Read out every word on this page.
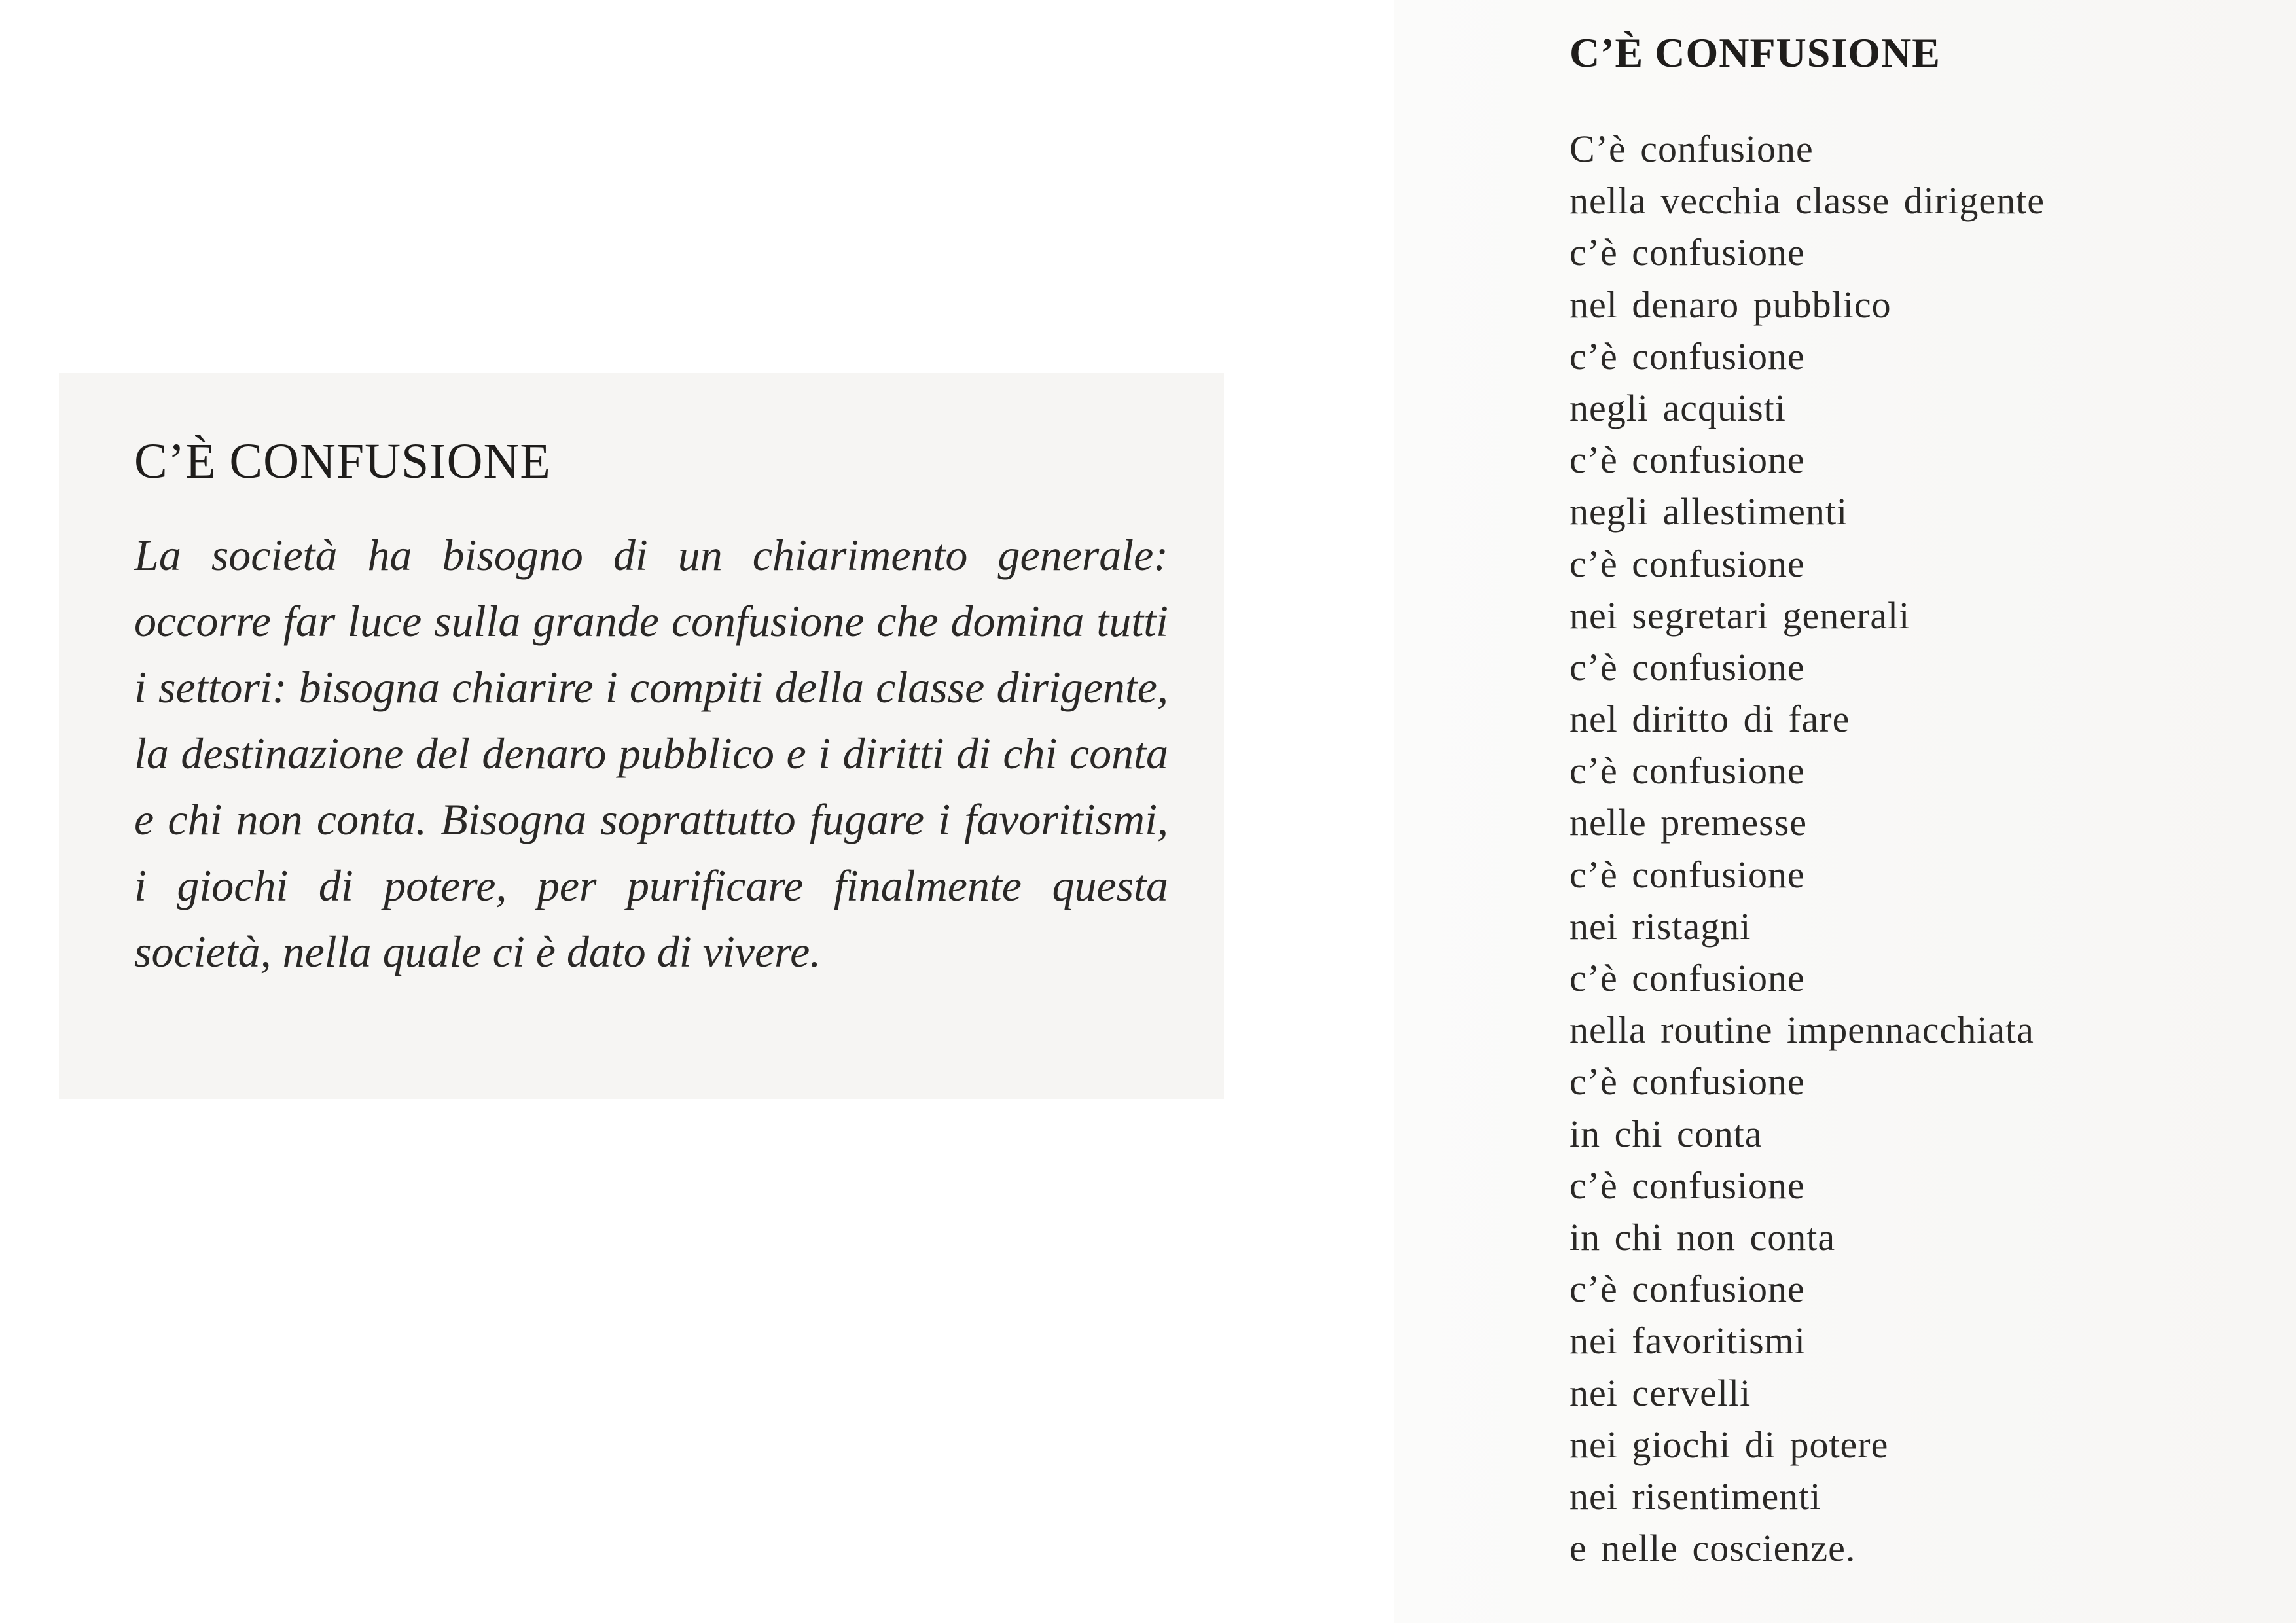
C’È CONFUSIONE

La società ha bisogno di un chiarimento generale: occorre far luce sulla grande confusione che domina tutti i settori: bisogna chiarire i compiti della classe dirigente, la destinazione del denaro pubblico e i diritti di chi conta e chi non conta. Bisogna soprattutto fugare i favoritismi, i giochi di potere, per purificare finalmente questa società, nella quale ci è dato di vivere.

C’È CONFUSIONE
C’è confusione
nella vecchia classe dirigente
c’è confusione
nel denaro pubblico
c’è confusione
negli acquisti
c’è confusione
negli allestimenti
c’è confusione
nei segretari generali
c’è confusione
nel diritto di fare
c’è confusione
nelle premesse
c’è confusione
nei ristagni
c’è confusione
nella routine impennacchiata
c’è confusione
in chi conta
c’è confusione
in chi non conta
c’è confusione
nei favoritismi
nei cervelli
nei giochi di potere
nei risentimenti
e nelle coscienze.
